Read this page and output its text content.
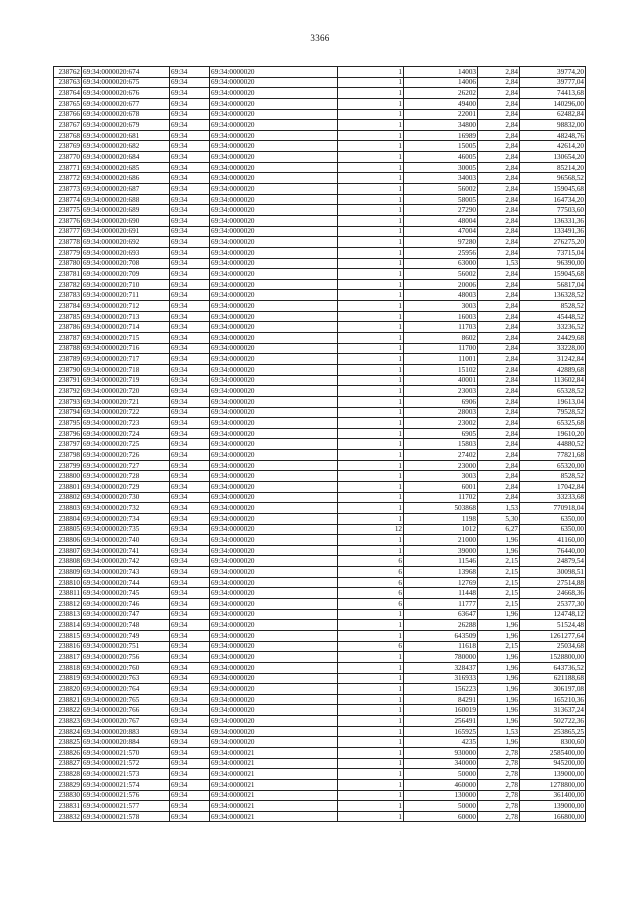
3366
238762	69:34:0000020:674	69:34	69:34:0000020	1	14003	2,84	39774,20
238763	69:34:0000020:675	69:34	69:34:0000020	1	14006	2,84	39777,04
238764	69:34:0000020:676	69:34	69:34:0000020	1	26202	2,84	74413,68
238765	69:34:0000020:677	69:34	69:34:0000020	1	49400	2,84	140296,00
238766	69:34:0000020:678	69:34	69:34:0000020	1	22001	2,84	62482,84
238767	69:34:0000020:679	69:34	69:34:0000020	1	34800	2,84	98832,00
238768	69:34:0000020:681	69:34	69:34:0000020	1	16989	2,84	48248,76
238769	69:34:0000020:682	69:34	69:34:0000020	1	15005	2,84	42614,20
238770	69:34:0000020:684	69:34	69:34:0000020	1	46005	2,84	130654,20
238771	69:34:0000020:685	69:34	69:34:0000020	1	30005	2,84	85214,20
238772	69:34:0000020:686	69:34	69:34:0000020	1	34003	2,84	96568,52
238773	69:34:0000020:687	69:34	69:34:0000020	1	56002	2,84	159045,68
238774	69:34:0000020:688	69:34	69:34:0000020	1	58005	2,84	164734,20
238775	69:34:0000020:689	69:34	69:34:0000020	1	27290	2,84	77503,60
238776	69:34:0000020:690	69:34	69:34:0000020	1	48004	2,84	136331,36
238777	69:34:0000020:691	69:34	69:34:0000020	1	47004	2,84	133491,36
238778	69:34:0000020:692	69:34	69:34:0000020	1	97280	2,84	276275,20
238779	69:34:0000020:693	69:34	69:34:0000020	1	25956	2,84	73715,04
238780	69:34:0000020:708	69:34	69:34:0000020	1	63000	1,53	96390,00
238781	69:34:0000020:709	69:34	69:34:0000020	1	56002	2,84	159045,68
238782	69:34:0000020:710	69:34	69:34:0000020	1	20006	2,84	56817,04
238783	69:34:0000020:711	69:34	69:34:0000020	1	48003	2,84	136328,52
238784	69:34:0000020:712	69:34	69:34:0000020	1	3003	2,84	8528,52
238785	69:34:0000020:713	69:34	69:34:0000020	1	16003	2,84	45448,52
238786	69:34:0000020:714	69:34	69:34:0000020	1	11703	2,84	33236,52
238787	69:34:0000020:715	69:34	69:34:0000020	1	8602	2,84	24429,68
238788	69:34:0000020:716	69:34	69:34:0000020	1	11700	2,84	33228,00
238789	69:34:0000020:717	69:34	69:34:0000020	1	11001	2,84	31242,84
238790	69:34:0000020:718	69:34	69:34:0000020	1	15102	2,84	42889,68
238791	69:34:0000020:719	69:34	69:34:0000020	1	40001	2,84	113602,84
238792	69:34:0000020:720	69:34	69:34:0000020	1	23003	2,84	65328,52
238793	69:34:0000020:721	69:34	69:34:0000020	1	6906	2,84	19613,04
238794	69:34:0000020:722	69:34	69:34:0000020	1	28003	2,84	79528,52
238795	69:34:0000020:723	69:34	69:34:0000020	1	23002	2,84	65325,68
238796	69:34:0000020:724	69:34	69:34:0000020	1	6905	2,84	19610,20
238797	69:34:0000020:725	69:34	69:34:0000020	1	15803	2,84	44880,52
238798	69:34:0000020:726	69:34	69:34:0000020	1	27402	2,84	77821,68
238799	69:34:0000020:727	69:34	69:34:0000020	1	23000	2,84	65320,00
238800	69:34:0000020:728	69:34	69:34:0000020	1	3003	2,84	8528,52
238801	69:34:0000020:729	69:34	69:34:0000020	1	6001	2,84	17042,84
238802	69:34:0000020:730	69:34	69:34:0000020	1	11702	2,84	33233,68
238803	69:34:0000020:732	69:34	69:34:0000020	1	503868	1,53	770918,04
238804	69:34:0000020:734	69:34	69:34:0000020	1	1198	5,30	6350,00
238805	69:34:0000020:735	69:34	69:34:0000020	12	1012	6,27	6350,00
238806	69:34:0000020:740	69:34	69:34:0000020	1	21000	1,96	41160,00
238807	69:34:0000020:741	69:34	69:34:0000020	1	39000	1,96	76440,00
238808	69:34:0000020:742	69:34	69:34:0000020	6	11546	2,15	24879,54
238809	69:34:0000020:743	69:34	69:34:0000020	6	13968	2,15	30098,51
238810	69:34:0000020:744	69:34	69:34:0000020	6	12769	2,15	27514,88
238811	69:34:0000020:745	69:34	69:34:0000020	6	11448	2,15	24668,36
238812	69:34:0000020:746	69:34	69:34:0000020	6	11777	2,15	25377,30
238813	69:34:0000020:747	69:34	69:34:0000020	1	63647	1,96	124748,12
238814	69:34:0000020:748	69:34	69:34:0000020	1	26288	1,96	51524,48
238815	69:34:0000020:749	69:34	69:34:0000020	1	643509	1,96	1261277,64
238816	69:34:0000020:751	69:34	69:34:0000020	6	11618	2,15	25034,68
238817	69:34:0000020:756	69:34	69:34:0000020	1	780000	1,96	1528800,00
238818	69:34:0000020:760	69:34	69:34:0000020	1	328437	1,96	643736,52
238819	69:34:0000020:763	69:34	69:34:0000020	1	316933	1,96	621188,68
238820	69:34:0000020:764	69:34	69:34:0000020	1	156223	1,96	306197,08
238821	69:34:0000020:765	69:34	69:34:0000020	1	84291	1,96	165210,36
238822	69:34:0000020:766	69:34	69:34:0000020	1	160019	1,96	313637,24
238823	69:34:0000020:767	69:34	69:34:0000020	1	256491	1,96	502722,36
238824	69:34:0000020:883	69:34	69:34:0000020	1	165925	1,53	253865,25
238825	69:34:0000020:884	69:34	69:34:0000020	1	4235	1,96	8300,60
238826	69:34:0000021:570	69:34	69:34:0000021	1	930000	2,78	2585400,00
238827	69:34:0000021:572	69:34	69:34:0000021	1	340000	2,78	945200,00
238828	69:34:0000021:573	69:34	69:34:0000021	1	50000	2,78	139000,00
238829	69:34:0000021:574	69:34	69:34:0000021	1	460000	2,78	1278800,00
238830	69:34:0000021:576	69:34	69:34:0000021	1	130000	2,78	361400,00
238831	69:34:0000021:577	69:34	69:34:0000021	1	50000	2,78	139000,00
238832	69:34:0000021:578	69:34	69:34:0000021	1	60000	2,78	166800,00
